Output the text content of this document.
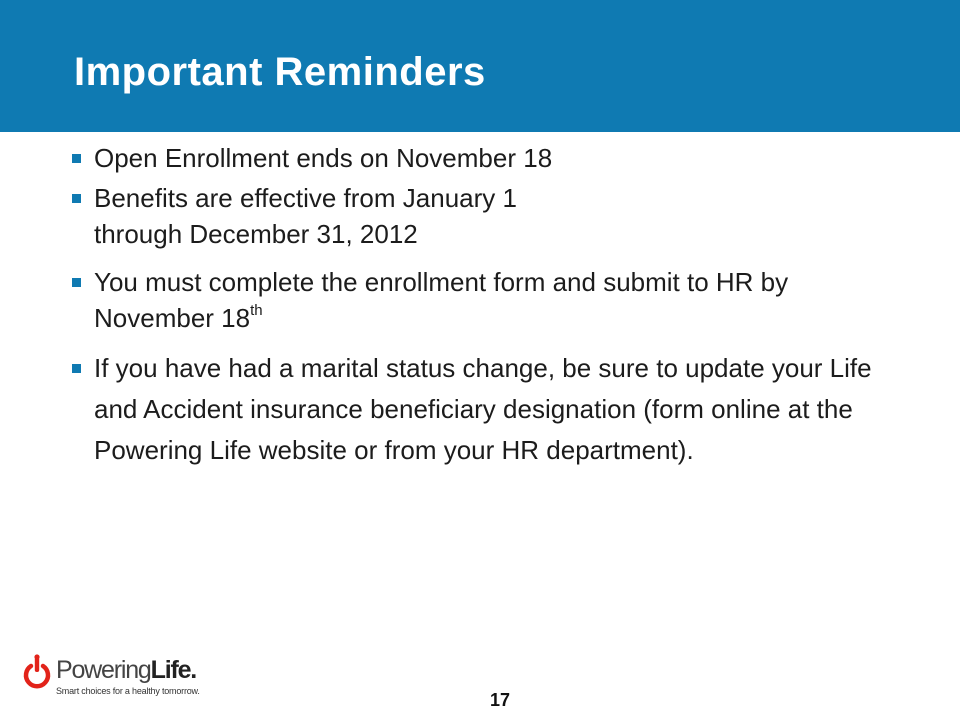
Important Reminders
Open Enrollment ends on November 18
Benefits are effective from January 1
through December 31, 2012
You must complete the enrollment form and submit to HR by November 18th
If you have had a marital status change, be sure to update your Life and Accident insurance beneficiary designation (form online at the Powering Life website or from your HR department).
PoweringLife.
Smart choices for a healthy tomorrow.	17
